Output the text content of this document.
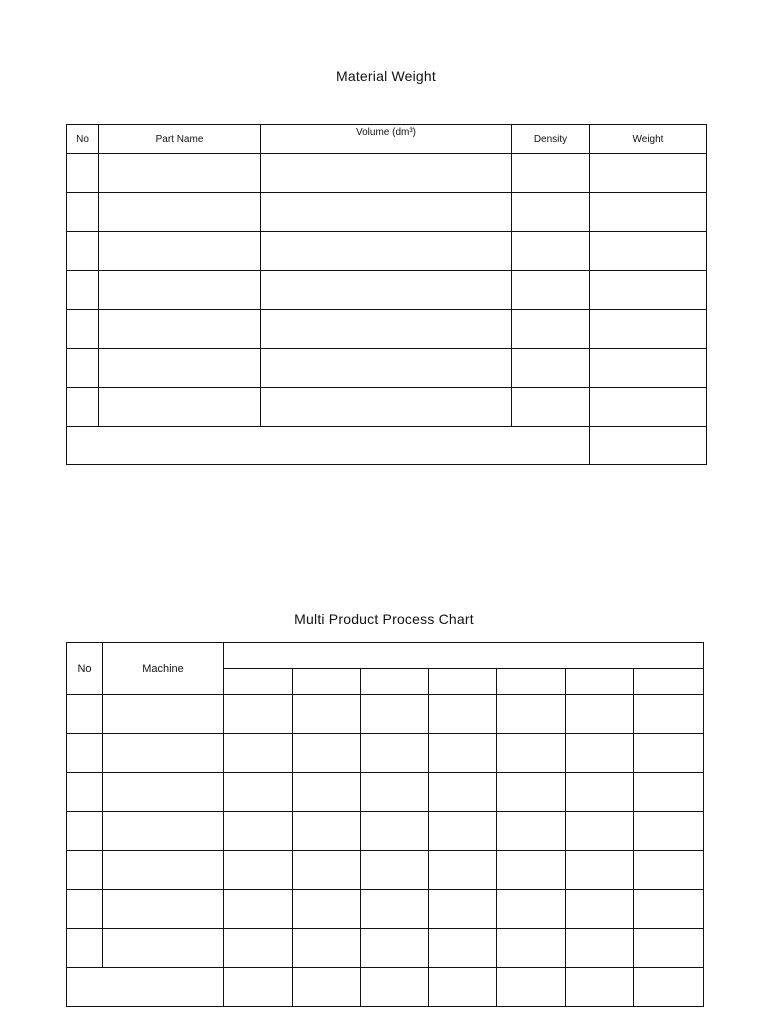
Material Weight
No	Part Name	Volume (dm³)	Density	Weight

Multi Product Process Chart
No	Machine							
